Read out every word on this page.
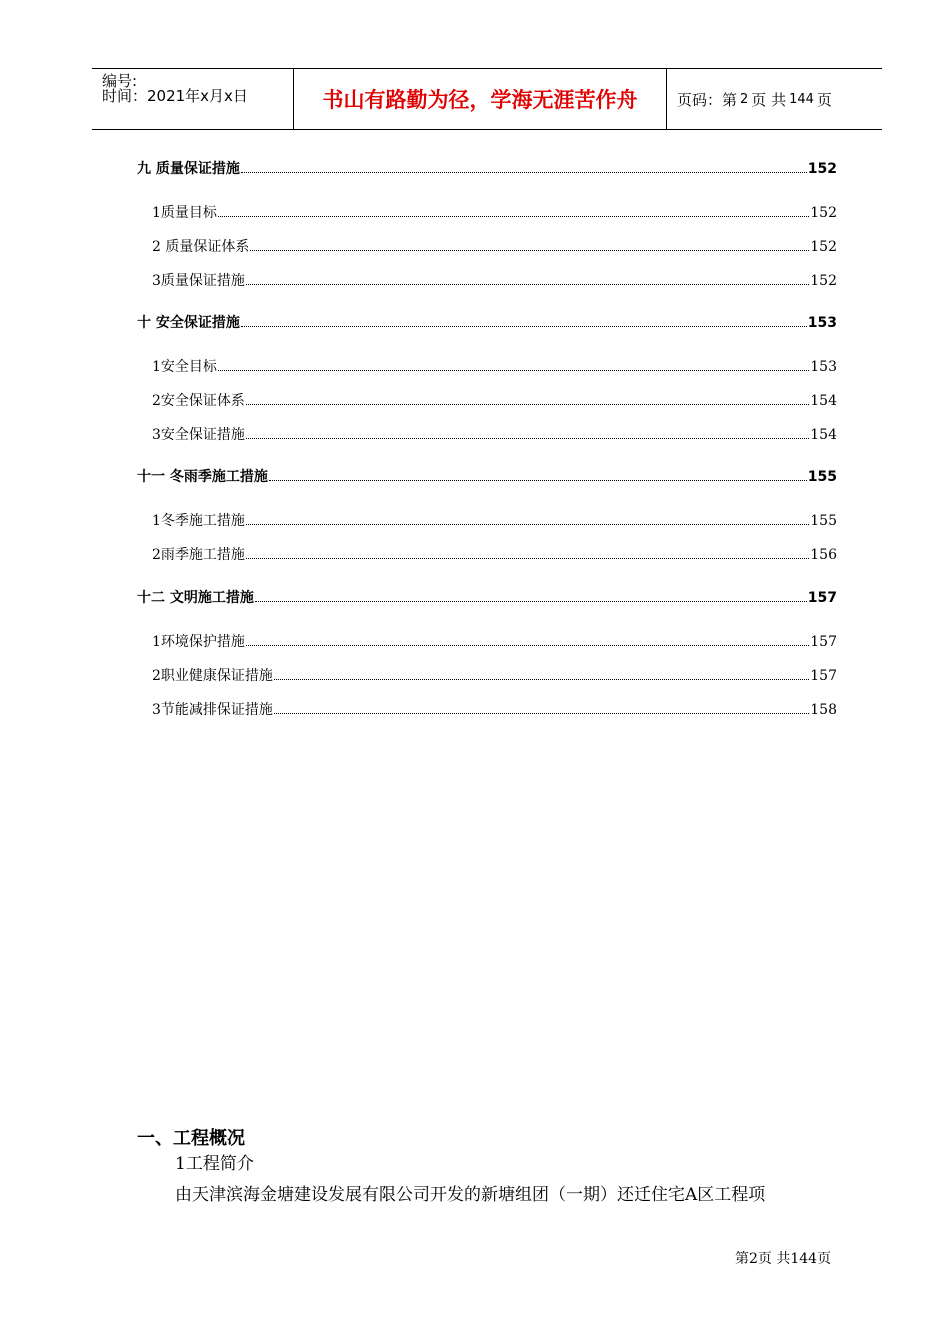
编号:
时间：2021年x月x日	书山有路勤为径，学海无涯苦作舟	页码：第 2 页 共 144 页
九 质量保证措施	152
1质量目标	152
2 质量保证体系	152
3质量保证措施	152
十 安全保证措施	153
1安全目标	153
2安全保证体系	154
3安全保证措施	154
十一 冬雨季施工措施	155
1冬季施工措施	155
2雨季施工措施	156
十二 文明施工措施	157
1环境保护措施	157
2职业健康保证措施	157
3节能减排保证措施	158
一、工程概况
1工程简介
由天津滨海金塘建设发展有限公司开发的新塘组团（一期）还迁住宅A区工程项
第2页 共144页
